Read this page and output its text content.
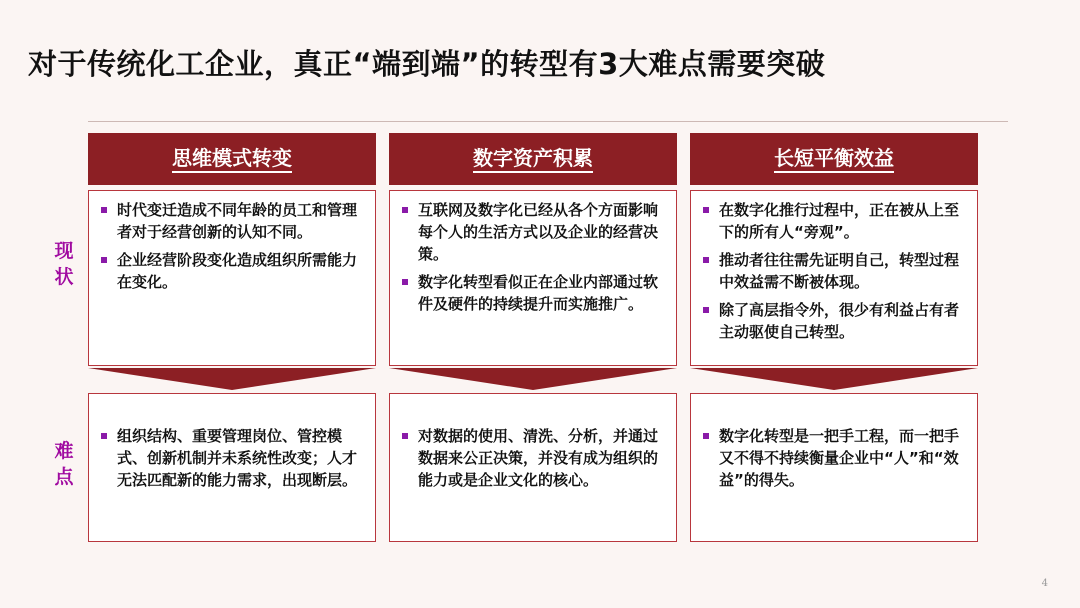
对于传统化工企业，真正“端到端”的转型有3大难点需要突破
现
状
难
点
思维模式转变
时代变迁造成不同年龄的员工和管理者对于经营创新的认知不同。
企业经营阶段变化造成组织所需能力在变化。
组织结构、重要管理岗位、管控模式、创新机制并未系统性改变；人才无法匹配新的能力需求，出现断层。
数字资产积累
互联网及数字化已经从各个方面影响每个人的生活方式以及企业的经营决策。
数字化转型看似正在企业内部通过软件及硬件的持续提升而实施推广。
对数据的使用、清洗、分析，并通过数据来公正决策，并没有成为组织的能力或是企业文化的核心。
长短平衡效益
在数字化推行过程中，正在被从上至下的所有人“旁观”。
推动者往往需先证明自己，转型过程中效益需不断被体现。
除了高层指令外，很少有利益占有者主动驱使自己转型。
数字化转型是一把手工程，而一把手又不得不持续衡量企业中“人”和“效益”的得失。
4
